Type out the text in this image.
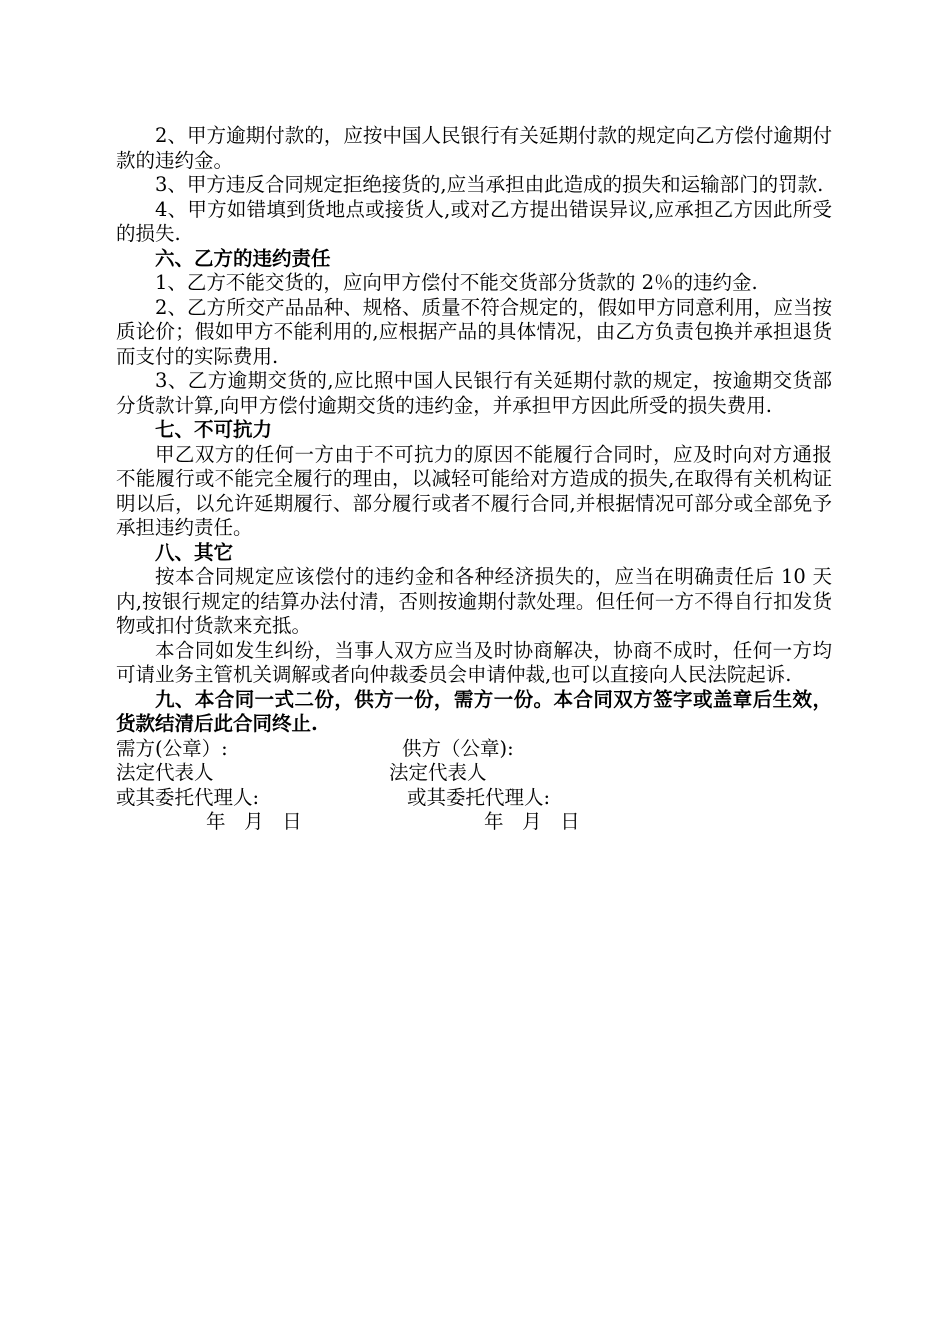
2、甲方逾期付款的，应按中国人民银行有关延期付款的规定向乙方偿付逾期付款的违约金。

3、甲方违反合同规定拒绝接货的,应当承担由此造成的损失和运输部门的罚款.

4、甲方如错填到货地点或接货人,或对乙方提出错误异议,应承担乙方因此所受的损失.

六、乙方的违约责任

1、乙方不能交货的，应向甲方偿付不能交货部分货款的 2％的违约金.

2、乙方所交产品品种、规格、质量不符合规定的，假如甲方同意利用，应当按质论价；假如甲方不能利用的,应根据产品的具体情况，由乙方负责包换并承担退货而支付的实际费用.

3、乙方逾期交货的,应比照中国人民银行有关延期付款的规定，按逾期交货部分货款计算,向甲方偿付逾期交货的违约金，并承担甲方因此所受的损失费用.

七、不可抗力

甲乙双方的任何一方由于不可抗力的原因不能履行合同时，应及时向对方通报不能履行或不能完全履行的理由，以减轻可能给对方造成的损失,在取得有关机构证明以后，以允许延期履行、部分履行或者不履行合同,并根据情况可部分或全部免予承担违约责任。

八、其它

按本合同规定应该偿付的违约金和各种经济损失的，应当在明确责任后 10 天内,按银行规定的结算办法付清，否则按逾期付款处理。但任何一方不得自行扣发货物或扣付货款来充抵。

本合同如发生纠纷，当事人双方应当及时协商解决，协商不成时，任何一方均可请业务主管机关调解或者向仲裁委员会申请仲裁,也可以直接向人民法院起诉.

九、本合同一式二份，供方一份，需方一份。本合同双方签字或盖章后生效，货款结清后此合同终止.

需方(公章）:	供方（公章):
法定代表人	法定代表人
或其委托代理人:	或其委托代理人:
年   月   日	年   月   日
